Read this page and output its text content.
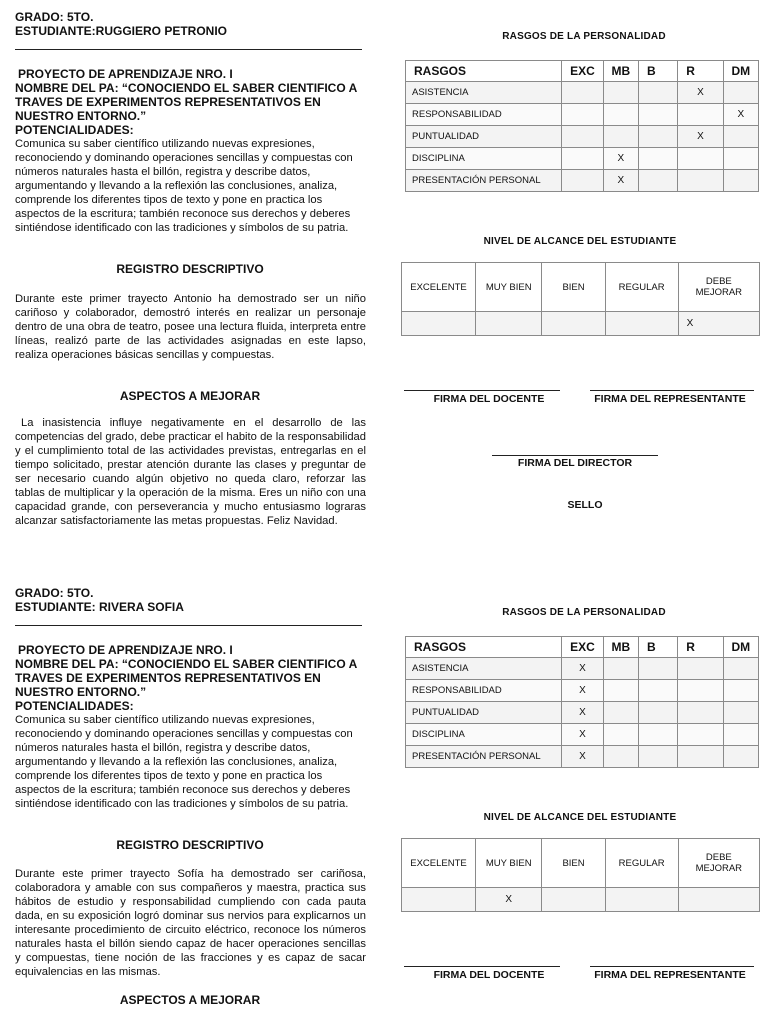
GRADO: 5TO.
ESTUDIANTE:RUGGIERO PETRONIO
PROYECTO DE APRENDIZAJE NRO. I
NOMBRE DEL PA: “CONOCIENDO EL SABER CIENTIFICO A TRAVES DE EXPERIMENTOS REPRESENTATIVOS EN NUESTRO ENTORNO.”
POTENCIALIDADES:
Comunica su saber científico utilizando nuevas expresiones, reconociendo y dominando operaciones sencillas y compuestas con números naturales hasta el billón, registra y describe datos, argumentando y llevando a la reflexión las conclusiones, analiza, comprende los diferentes tipos de texto y pone en practica los aspectos de la escritura; también reconoce sus derechos y deberes sintiéndose identificado con las tradiciones y símbolos de su patria.
REGISTRO DESCRIPTIVO
Durante este primer trayecto Antonio ha demostrado ser un niño cariñoso y colaborador, demostró interés en realizar un personaje dentro de una obra de teatro, posee una lectura fluida, interpreta entre líneas, realizó parte de las actividades asignadas en este lapso, realiza operaciones básicas sencillas y compuestas.
ASPECTOS A MEJORAR
La inasistencia influye negativamente en el desarrollo de las competencias del grado, debe practicar el habito de la responsabilidad y el cumplimiento total de las actividades previstas, entregarlas en el tiempo solicitado, prestar atención durante las clases y preguntar de ser necesario cuando algún objetivo no queda claro, reforzar las tablas de multiplicar y la operación de la misma. Eres un niño con una capacidad grande, con perseverancia y mucho entusiasmo lograras alcanzar satisfactoriamente las metas propuestas. Feliz Navidad.
RASGOS DE LA PERSONALIDAD
RASGOS	EXC	MB	B	R	DM
ASISTENCIA				X	
RESPONSABILIDAD					X
PUNTUALIDAD				X	
DISCIPLINA		X			
PRESENTACIÓN PERSONAL		X			
NIVEL DE ALCANCE DEL ESTUDIANTE
EXCELENTE	MUY BIEN	BIEN	REGULAR	DEBE MEJORAR
				X
FIRMA DEL DOCENTE	FIRMA DEL REPRESENTANTE
FIRMA DEL DIRECTOR
SELLO
GRADO: 5TO.
ESTUDIANTE: RIVERA SOFIA
PROYECTO DE APRENDIZAJE NRO. I
NOMBRE DEL PA: “CONOCIENDO EL SABER CIENTIFICO A TRAVES DE EXPERIMENTOS REPRESENTATIVOS EN NUESTRO ENTORNO.”
POTENCIALIDADES:
Comunica su saber científico utilizando nuevas expresiones, reconociendo y dominando operaciones sencillas y compuestas con números naturales hasta el billón, registra y describe datos, argumentando y llevando a la reflexión las conclusiones, analiza, comprende los diferentes tipos de texto y pone en practica los aspectos de la escritura; también reconoce sus derechos y deberes sintiéndose identificado con las tradiciones y símbolos de su patria.
REGISTRO DESCRIPTIVO
Durante este primer trayecto Sofía ha demostrado ser cariñosa, colaboradora y amable con sus compañeros y maestra, practica sus hábitos de estudio y responsabilidad cumpliendo con cada pauta dada, en su exposición logró dominar sus nervios para explicarnos un interesante procedimiento de circuito eléctrico, reconoce los números naturales hasta el billón siendo capaz de hacer operaciones sencillas y compuestas, tiene noción de las fracciones y es capaz de sacar equivalencias en las mismas.
ASPECTOS A MEJORAR
RASGOS DE LA PERSONALIDAD
RASGOS	EXC	MB	B	R	DM
ASISTENCIA	X				
RESPONSABILIDAD	X				
PUNTUALIDAD	X				
DISCIPLINA	X				
PRESENTACIÓN PERSONAL	X				
NIVEL DE ALCANCE DEL ESTUDIANTE
EXCELENTE	MUY BIEN	BIEN	REGULAR	DEBE MEJORAR
	X			
FIRMA DEL DOCENTE	FIRMA DEL REPRESENTANTE
